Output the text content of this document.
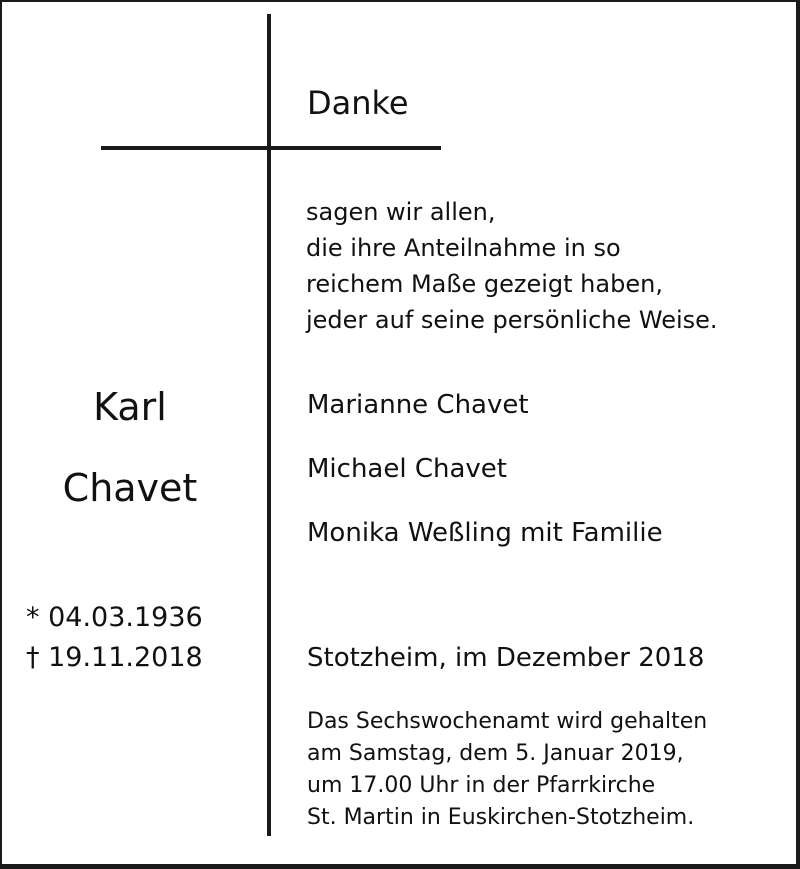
Danke

sagen wir allen,
die ihre Anteilnahme in so
reichem Maße gezeigt haben,
jeder auf seine persönliche Weise.

Karl

Chavet

Marianne Chavet

Michael Chavet

Monika Weßling mit Familie

* 04.03.1936
† 19.11.2018	Stotzheim, im Dezember 2018

Das Sechswochenamt wird gehalten
am Samstag, dem 5. Januar 2019,
um 17.00 Uhr in der Pfarrkirche
St. Martin in Euskirchen-Stotzheim.
